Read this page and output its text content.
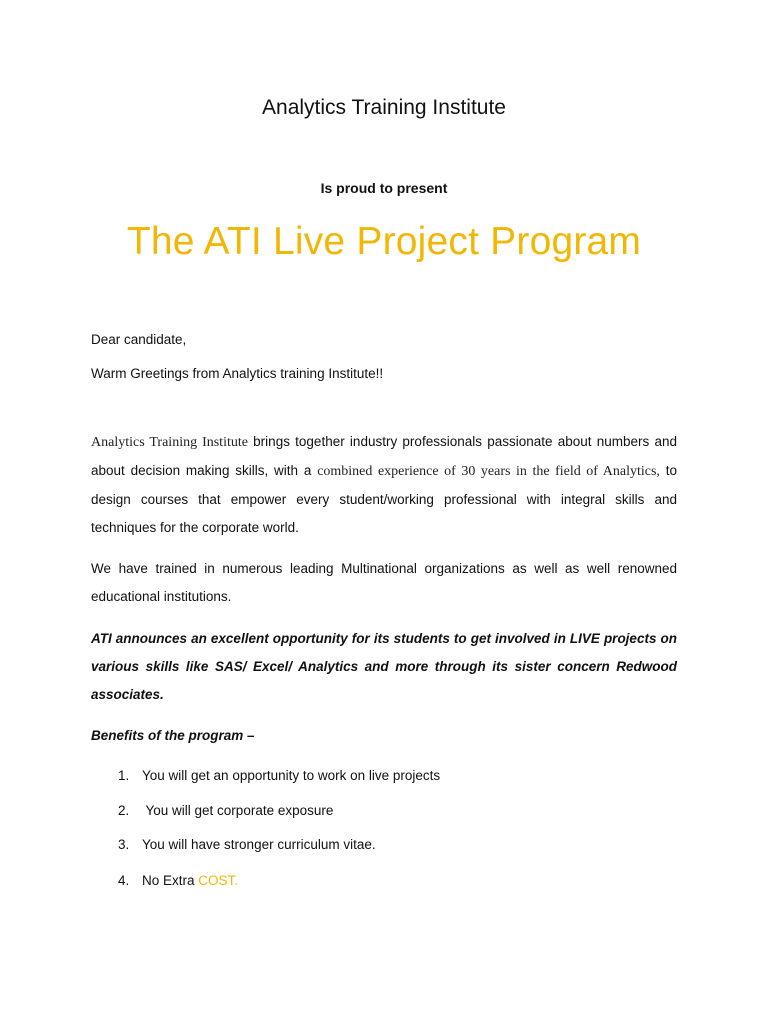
Analytics Training Institute
Is proud to present
The ATI Live Project Program
Dear candidate,
Warm Greetings from Analytics training Institute!!
Analytics Training Institute brings together industry professionals passionate about numbers and about decision making skills, with a combined experience of 30 years in the field of Analytics, to design courses that empower every student/working professional with integral skills and techniques for the corporate world.
We have trained in numerous leading Multinational organizations as well as well renowned educational institutions.
ATI announces an excellent opportunity for its students to get involved in LIVE projects on various skills like SAS/ Excel/ Analytics and more through its sister concern Redwood associates.
Benefits of the program –
1. You will get an opportunity to work on live projects
2. You will get corporate exposure
3. You will have stronger curriculum vitae.
4. No Extra COST.
